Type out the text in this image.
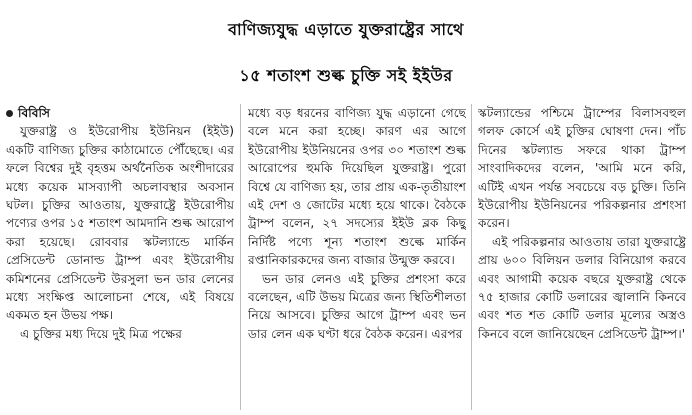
বাণিজ্যযুদ্ধ এড়াতে যুক্তরাষ্ট্রের সাথে
১৫ শতাংশ শুল্ক চুক্তি সই ইইউর

বিবিসি

যুক্তরাষ্ট্র ও ইউরোপীয় ইউনিয়ন (ইইউ) একটি বাণিজ্য চুক্তির কাঠামোতে পৌঁছেছে। এর ফলে বিশ্বের দুই বৃহত্তম অর্থনৈতিক অংশীদারের মধ্যে কয়েক মাসব্যাপী অচলাবস্থার অবসান ঘটল। চুক্তির আওতায়, যুক্তরাষ্ট্রে ইউরোপীয় পণ্যের ওপর ১৫ শতাংশ আমদানি শুল্ক আরোপ করা হয়েছে। রোববার স্কটল্যান্ডে মার্কিন প্রেসিডেন্ট ডোনাল্ড ট্রাম্প এবং ইউরোপীয় কমিশনের প্রেসিডেন্ট উরসুলা ভন ডার লেনের মধ্যে সংক্ষিপ্ত আলোচনা শেষে, এই বিষয়ে একমত হন উভয় পক্ষ।

এ চুক্তির মধ্য দিয়ে দুই মিত্র পক্ষের

মধ্যে বড় ধরনের বাণিজ্য যুদ্ধ এড়ানো গেছে বলে মনে করা হচ্ছে। কারণ এর আগে ইউরোপীয় ইউনিয়নের ওপর ৩০ শতাংশ শুল্ক আরোপের হুমকি দিয়েছিল যুক্তরাষ্ট্র। পুরো বিশ্বে যে বাণিজ্য হয়, তার প্রায় এক-তৃতীয়াংশ এই দেশ ও জোটের মধ্যে হয়ে থাকে। বৈঠকে ট্রাম্প বলেন, ২৭ সদস্যের ইইউ ব্লক কিছু নির্দিষ্ট পণ্যে শূন্য শতাংশ শুল্কে মার্কিন রপ্তানিকারকদের জন্য বাজার উন্মুক্ত করবে।

ভন ডার লেনও এই চুক্তির প্রশংসা করে বলেছেন, এটি উভয় মিত্রের জন্য স্থিতিশীলতা নিয়ে আসবে। চুক্তির আগে ট্রাম্প এবং ভন ডার লেন এক ঘণ্টা ধরে বৈঠক করেন। এরপর

স্কটল্যান্ডের পশ্চিমে ট্রাম্পের বিলাসবহুল গলফ কোর্সে এই চুক্তির ঘোষণা দেন। পাঁচ দিনের স্কটল্যান্ড সফরে থাকা ট্রাম্প সাংবাদিকদের বলেন, 'আমি মনে করি, এটিই এখন পর্যন্ত সবচেয়ে বড় চুক্তি। তিনি ইউরোপীয় ইউনিয়নের পরিকল্পনার প্রশংসা করেন।

এই পরিকল্পনার আওতায় তারা যুক্তরাষ্ট্রে প্রায় ৬০০ বিলিয়ন ডলার বিনিয়োগ করবে এবং আগামী কয়েক বছরে যুক্তরাষ্ট্র থেকে ৭৫ হাজার কোটি ডলারের জ্বালানি কিনবে এবং শত শত কোটি ডলার মূল্যের অস্ত্রও কিনবে বলে জানিয়েছেন প্রেসিডেন্ট ট্রাম্প।'
